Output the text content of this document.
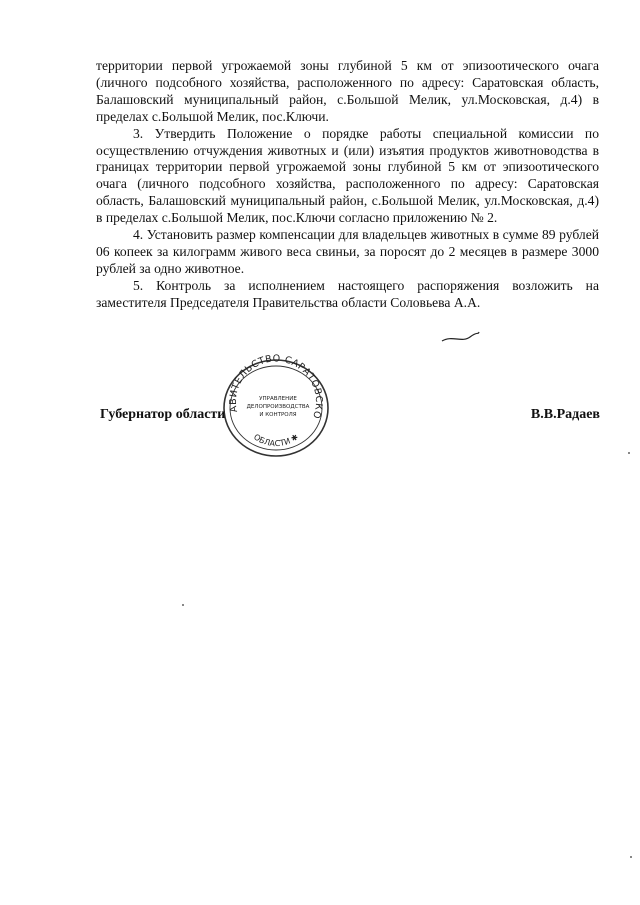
территории первой угрожаемой зоны глубиной 5 км от эпизоотического очага (личного подсобного хозяйства, расположенного по адресу: Саратовская область, Балашовский муниципальный район, с.Большой Мелик, ул.Московская, д.4) в пределах с.Большой Мелик, пос.Ключи.

3. Утвердить Положение о порядке работы специальной комиссии по осуществлению отчуждения животных и (или) изъятия продуктов животноводства в границах территории первой угрожаемой зоны глубиной 5 км от эпизоотического очага (личного подсобного хозяйства, расположенного по адресу: Саратовская область, Балашовский муниципальный район, с.Большой Мелик, ул.Московская, д.4) в пределах с.Большой Мелик, пос.Ключи согласно приложению № 2.

4. Установить размер компенсации для владельцев животных в сумме 89 рублей 06 копеек за килограмм живого веса свиньи, за поросят до 2 месяцев в размере 3000 рублей за одно животное.

5. Контроль за исполнением настоящего распоряжения возложить на заместителя Председателя Правительства области Соловьева А.А.

АВИТЕЛЬСТВО САРАТОВСКО
ОБЛАСТИ ✱
УПРАВЛЕНИЕ
ДЕЛОПРОИЗВОДСТВА
И КОНТРОЛЯ
Губернатор области	В.В.Радаев
